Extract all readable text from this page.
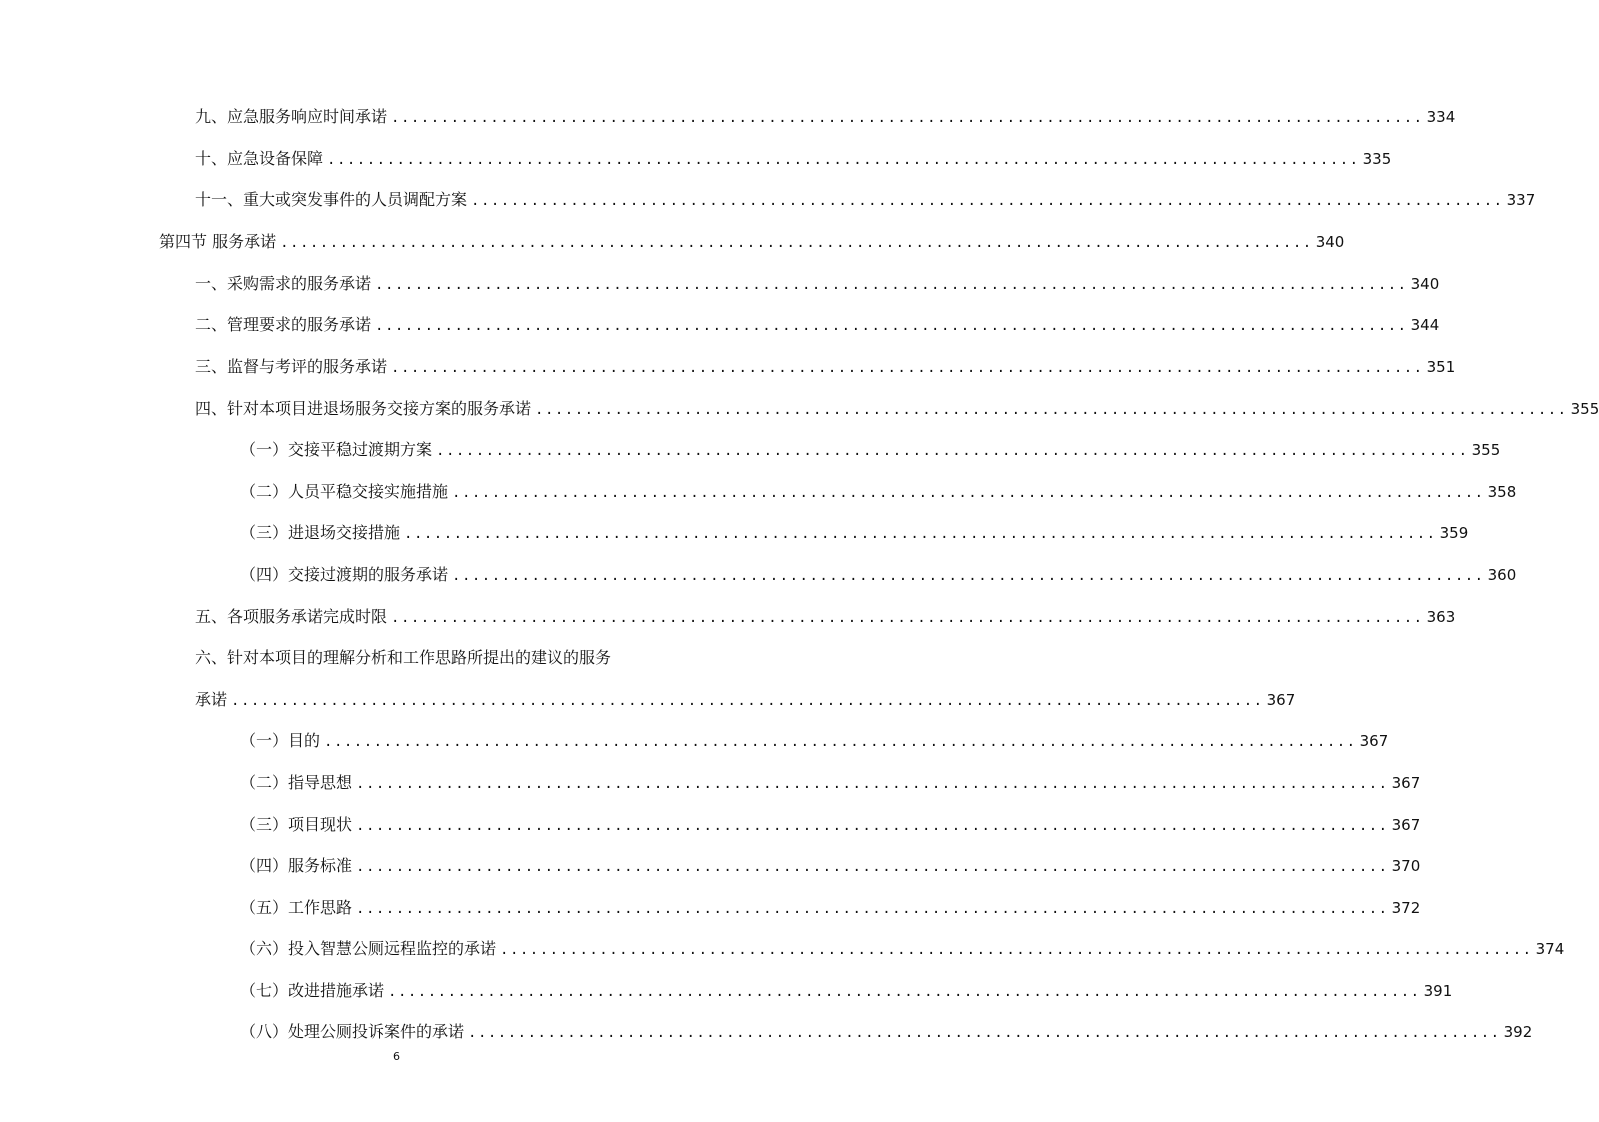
九、应急服务响应时间承诺 ........................................................................................................ 334
十、应急设备保障 ........................................................................................................ 335
十一、重大或突发事件的人员调配方案 ........................................................................................................ 337
第四节 服务承诺 ........................................................................................................ 340
一、采购需求的服务承诺 ........................................................................................................ 340
二、管理要求的服务承诺 ........................................................................................................ 344
三、监督与考评的服务承诺 ........................................................................................................ 351
四、针对本项目进退场服务交接方案的服务承诺 ........................................................................................................ 355
（一）交接平稳过渡期方案 ........................................................................................................ 355
（二）人员平稳交接实施措施 ........................................................................................................ 358
（三）进退场交接措施 ........................................................................................................ 359
（四）交接过渡期的服务承诺 ........................................................................................................ 360
五、各项服务承诺完成时限 ........................................................................................................ 363
六、针对本项目的理解分析和工作思路所提出的建议的服务
承诺 ........................................................................................................ 367
（一）目的 ........................................................................................................ 367
（二）指导思想 ........................................................................................................ 367
（三）项目现状 ........................................................................................................ 367
（四）服务标准 ........................................................................................................ 370
（五）工作思路 ........................................................................................................ 372
（六）投入智慧公厕远程监控的承诺 ........................................................................................................ 374
（七）改进措施承诺 ........................................................................................................ 391
（八）处理公厕投诉案件的承诺 ........................................................................................................ 392
6
